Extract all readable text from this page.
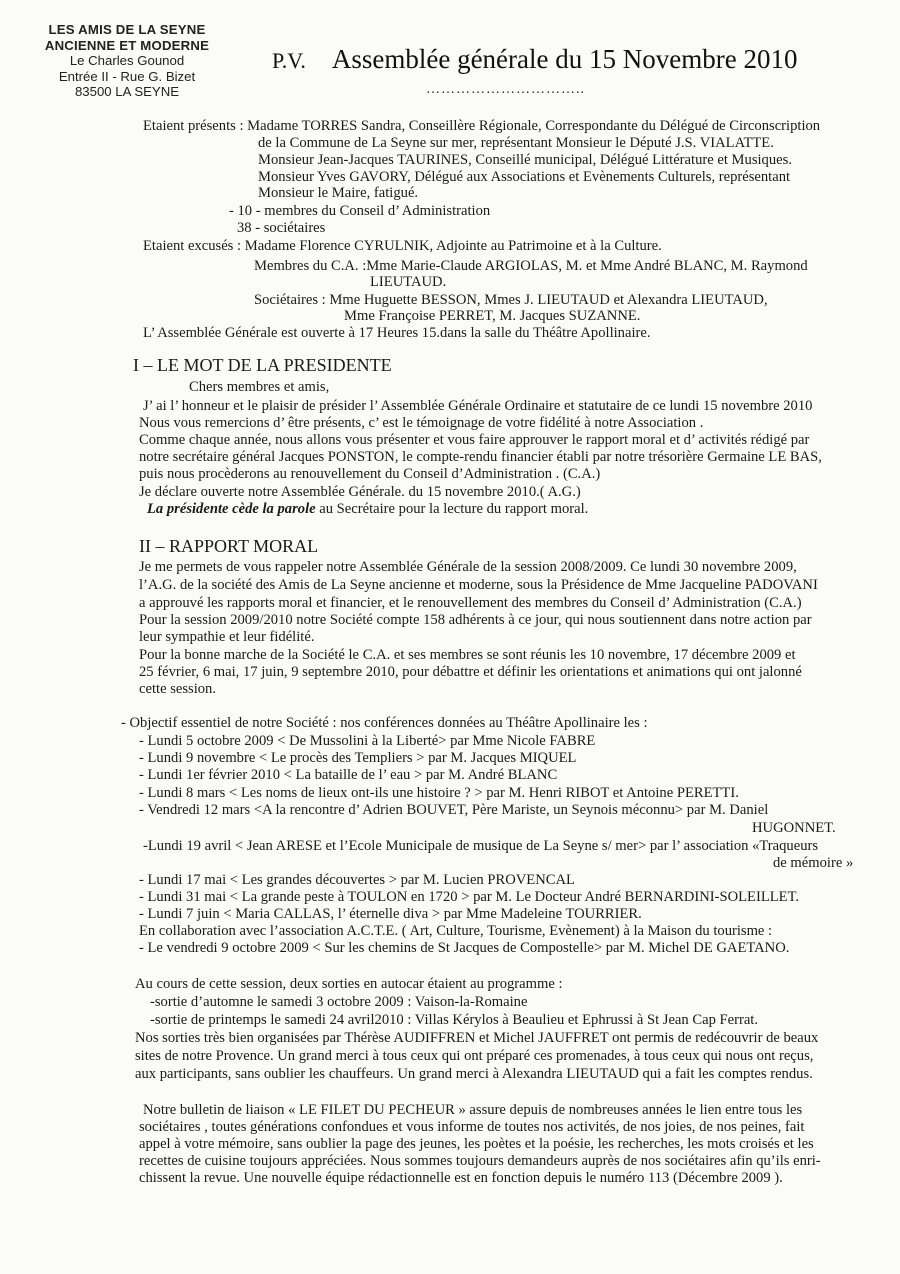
LES AMIS DE LA SEYNE
ANCIENNE ET MODERNE
Le Charles Gounod
Entrée II - Rue G. Bizet
83500 LA SEYNE
P.V. Assemblée générale du 15 Novembre 2010
…………………………..
Etaient présents : Madame TORRES Sandra, Conseillère Régionale, Correspondante du Délégué de Circonscription
de la Commune de La Seyne sur mer, représentant Monsieur le Député J.S. VIALATTE.
Monsieur Jean-Jacques TAURINES, Conseillé municipal, Délégué Littérature et Musiques.
Monsieur Yves GAVORY, Délégué aux Associations et Evènements Culturels, représentant
Monsieur le Maire, fatigué.
- 10 - membres du Conseil d’ Administration
38 - sociétaires
Etaient excusés : Madame Florence CYRULNIK, Adjointe au Patrimoine et à la Culture.
Membres du C.A. :Mme Marie-Claude ARGIOLAS, M. et Mme André BLANC, M. Raymond
LIEUTAUD.
Sociétaires : Mme Huguette BESSON, Mmes J. LIEUTAUD et Alexandra LIEUTAUD,
Mme Françoise PERRET, M. Jacques SUZANNE.
L’ Assemblée Générale est ouverte à 17 Heures 15.dans la salle du Théâtre Apollinaire.
I – LE MOT DE LA PRESIDENTE
Chers membres et amis,
J’ ai l’ honneur et le plaisir de présider l’ Assemblée Générale Ordinaire et statutaire de ce lundi 15 novembre 2010
Nous vous remercions d’ être présents, c’ est le témoignage de votre fidélité à notre Association .
Comme chaque année, nous allons vous présenter et vous faire approuver le rapport moral et d’ activités rédigé par
notre secrétaire général Jacques PONSTON, le compte-rendu financier établi par notre trésorière Germaine LE BAS,
puis nous procèderons au renouvellement du Conseil d’Administration . (C.A.)
Je déclare ouverte notre Assemblée Générale. du 15 novembre 2010.( A.G.)
La présidente cède la parole au Secrétaire pour la lecture du rapport moral.
II – RAPPORT MORAL
Je me permets de vous rappeler notre Assemblée Générale de la session 2008/2009. Ce lundi 30 novembre 2009,
l’A.G. de la société des Amis de La Seyne ancienne et moderne, sous la Présidence de Mme Jacqueline PADOVANI
a approuvé les rapports moral et financier, et le renouvellement des membres du Conseil d’ Administration (C.A.)
Pour la session 2009/2010 notre Société compte 158 adhérents à ce jour, qui nous soutiennent dans notre action par
leur sympathie et leur fidélité.
Pour la bonne marche de la Société le C.A. et ses membres se sont réunis les 10 novembre, 17 décembre 2009 et
25 février, 6 mai, 17 juin, 9 septembre 2010, pour débattre et définir les orientations et animations qui ont jalonné
cette session.
- Objectif essentiel de notre Société : nos conférences données au Théâtre Apollinaire les :
- Lundi 5 octobre 2009 < De Mussolini à la Liberté> par Mme Nicole FABRE
- Lundi 9 novembre < Le procès des Templiers > par M. Jacques MIQUEL
- Lundi 1er février 2010 < La bataille de l’ eau > par M. André BLANC
- Lundi 8 mars < Les noms de lieux ont-ils une histoire ? > par M. Henri RIBOT et Antoine PERETTI.
- Vendredi 12 mars <A la rencontre d’ Adrien BOUVET, Père Mariste, un Seynois méconnu> par M. Daniel
HUGONNET.
-Lundi 19 avril < Jean ARESE et l’Ecole Municipale de musique de La Seyne s/ mer> par l’ association «Traqueurs
de mémoire »
- Lundi 17 mai < Les grandes découvertes > par M. Lucien PROVENCAL
- Lundi 31 mai < La grande peste à TOULON en 1720 > par M. Le Docteur André BERNARDINI-SOLEILLET.
- Lundi 7 juin < Maria CALLAS, l’ éternelle diva > par Mme Madeleine TOURRIER.
En collaboration avec l’association A.C.T.E. ( Art, Culture, Tourisme, Evènement) à la Maison du tourisme :
- Le vendredi 9 octobre 2009 < Sur les chemins de St Jacques de Compostelle> par M. Michel DE GAETANO.
Au cours de cette session, deux sorties en autocar étaient au programme :
-sortie d’automne le samedi 3 octobre 2009 : Vaison-la-Romaine
-sortie de printemps le samedi 24 avril2010 : Villas Kérylos à Beaulieu et Ephrussi à St Jean Cap Ferrat.
Nos sorties très bien organisées par Thérèse AUDIFFREN et Michel JAUFFRET ont permis de redécouvrir de beaux
sites de notre Provence. Un grand merci à tous ceux qui ont préparé ces promenades, à tous ceux qui nous ont reçus,
aux participants, sans oublier les chauffeurs. Un grand merci à Alexandra LIEUTAUD qui a fait les comptes rendus.
Notre bulletin de liaison « LE FILET DU PECHEUR » assure depuis de nombreuses années le lien entre tous les
sociétaires , toutes générations confondues et vous informe de toutes nos activités, de nos joies, de nos peines, fait
appel à votre mémoire, sans oublier la page des jeunes, les poètes et la poésie, les recherches, les mots croisés et les
recettes de cuisine toujours appréciées. Nous sommes toujours demandeurs auprès de nos sociétaires afin qu’ils enri-
chissent la revue. Une nouvelle équipe rédactionnelle est en fonction depuis le numéro 113 (Décembre 2009 ).
